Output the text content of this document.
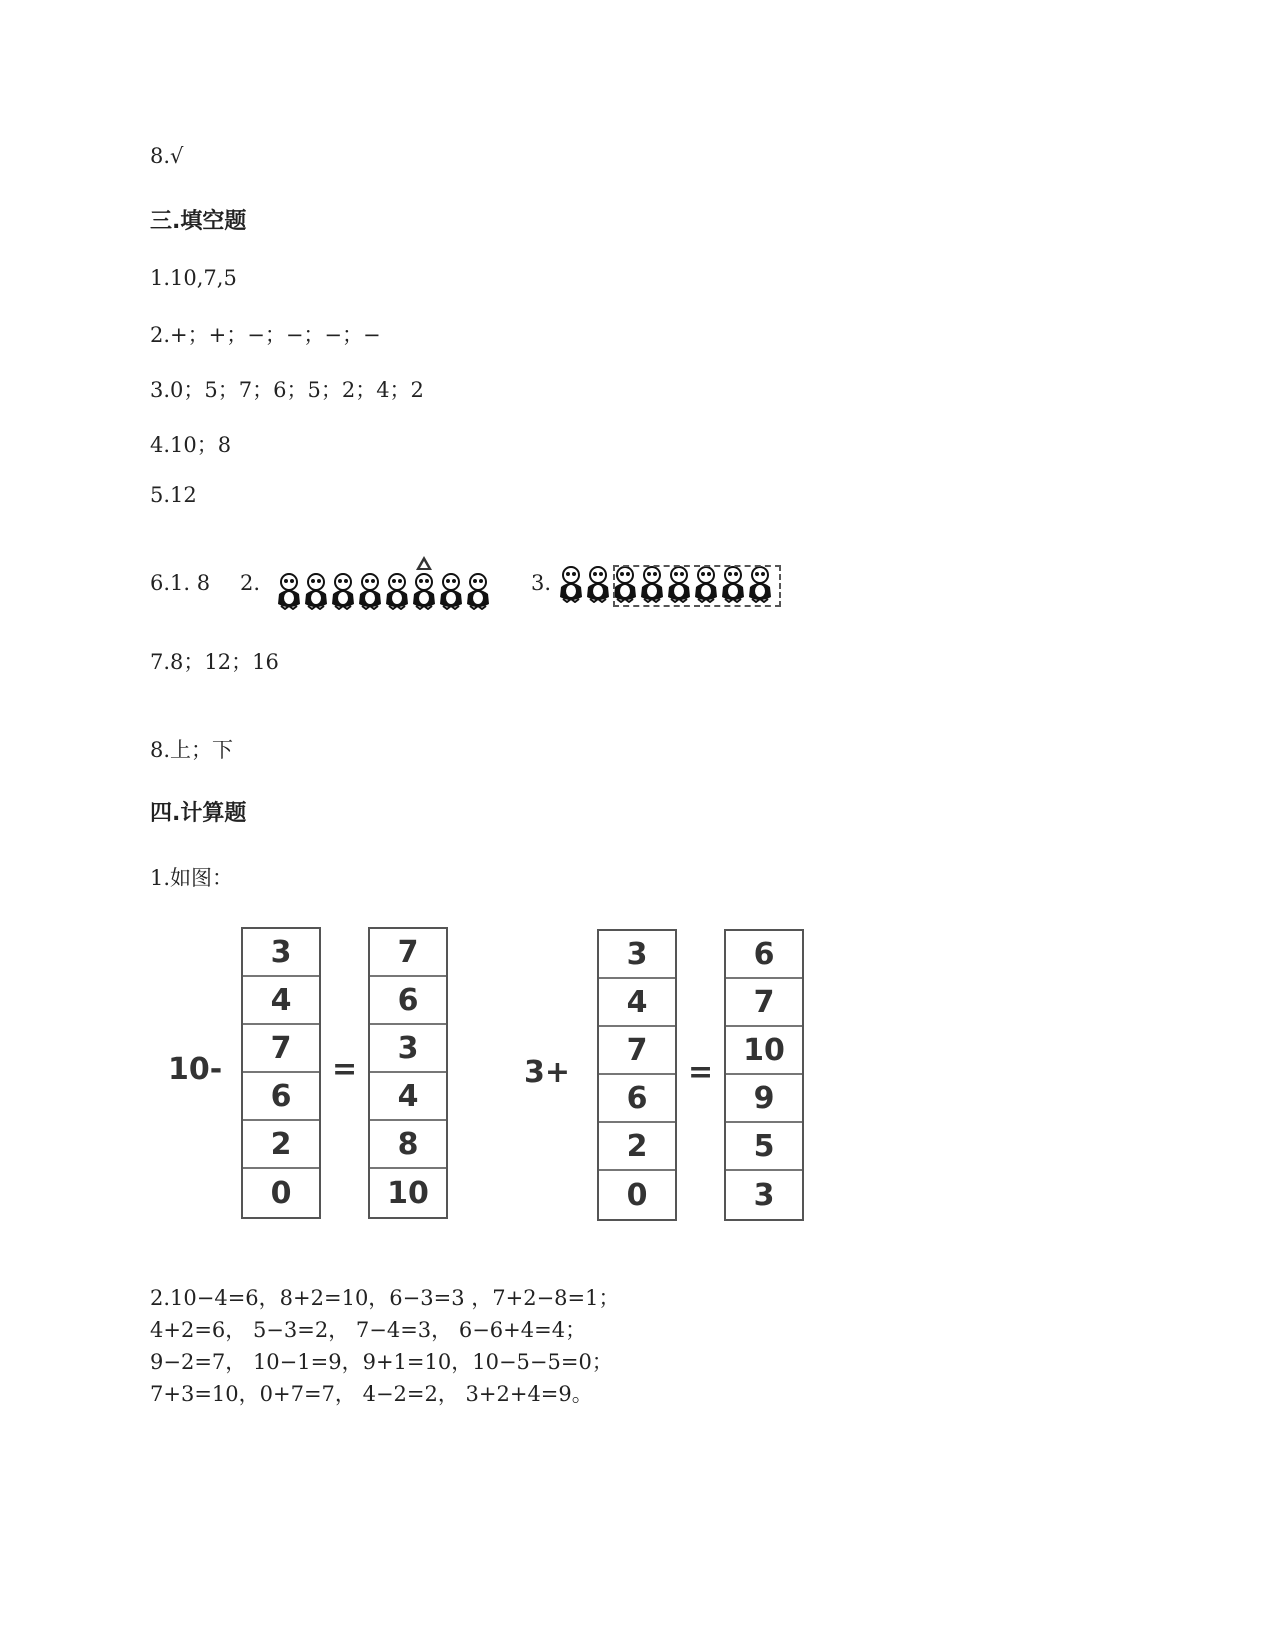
8.√
三.填空题
1.10,7,5
2.+；+；−；−；−；−
3.0；5；7；6；5；2；4；2
4.10；8
5.12
6.1. 8 2.	3.
7.8；12；16
8.上；下
四.计算题
1.如图：
10-
3
4
7
6
2
0
=
7
6
3
4
8
10
3+
3
4
7
6
2
0
=
6
7
10
9
5
3
2.10−4=6，8+2=10，6−3=3 ，7+2−8=1；
4+2=6， 5−3=2， 7−4=3， 6−6+4=4；
9−2=7， 10−1=9，9+1=10，10−5−5=0；
7+3=10，0+7=7， 4−2=2， 3+2+4=9。
